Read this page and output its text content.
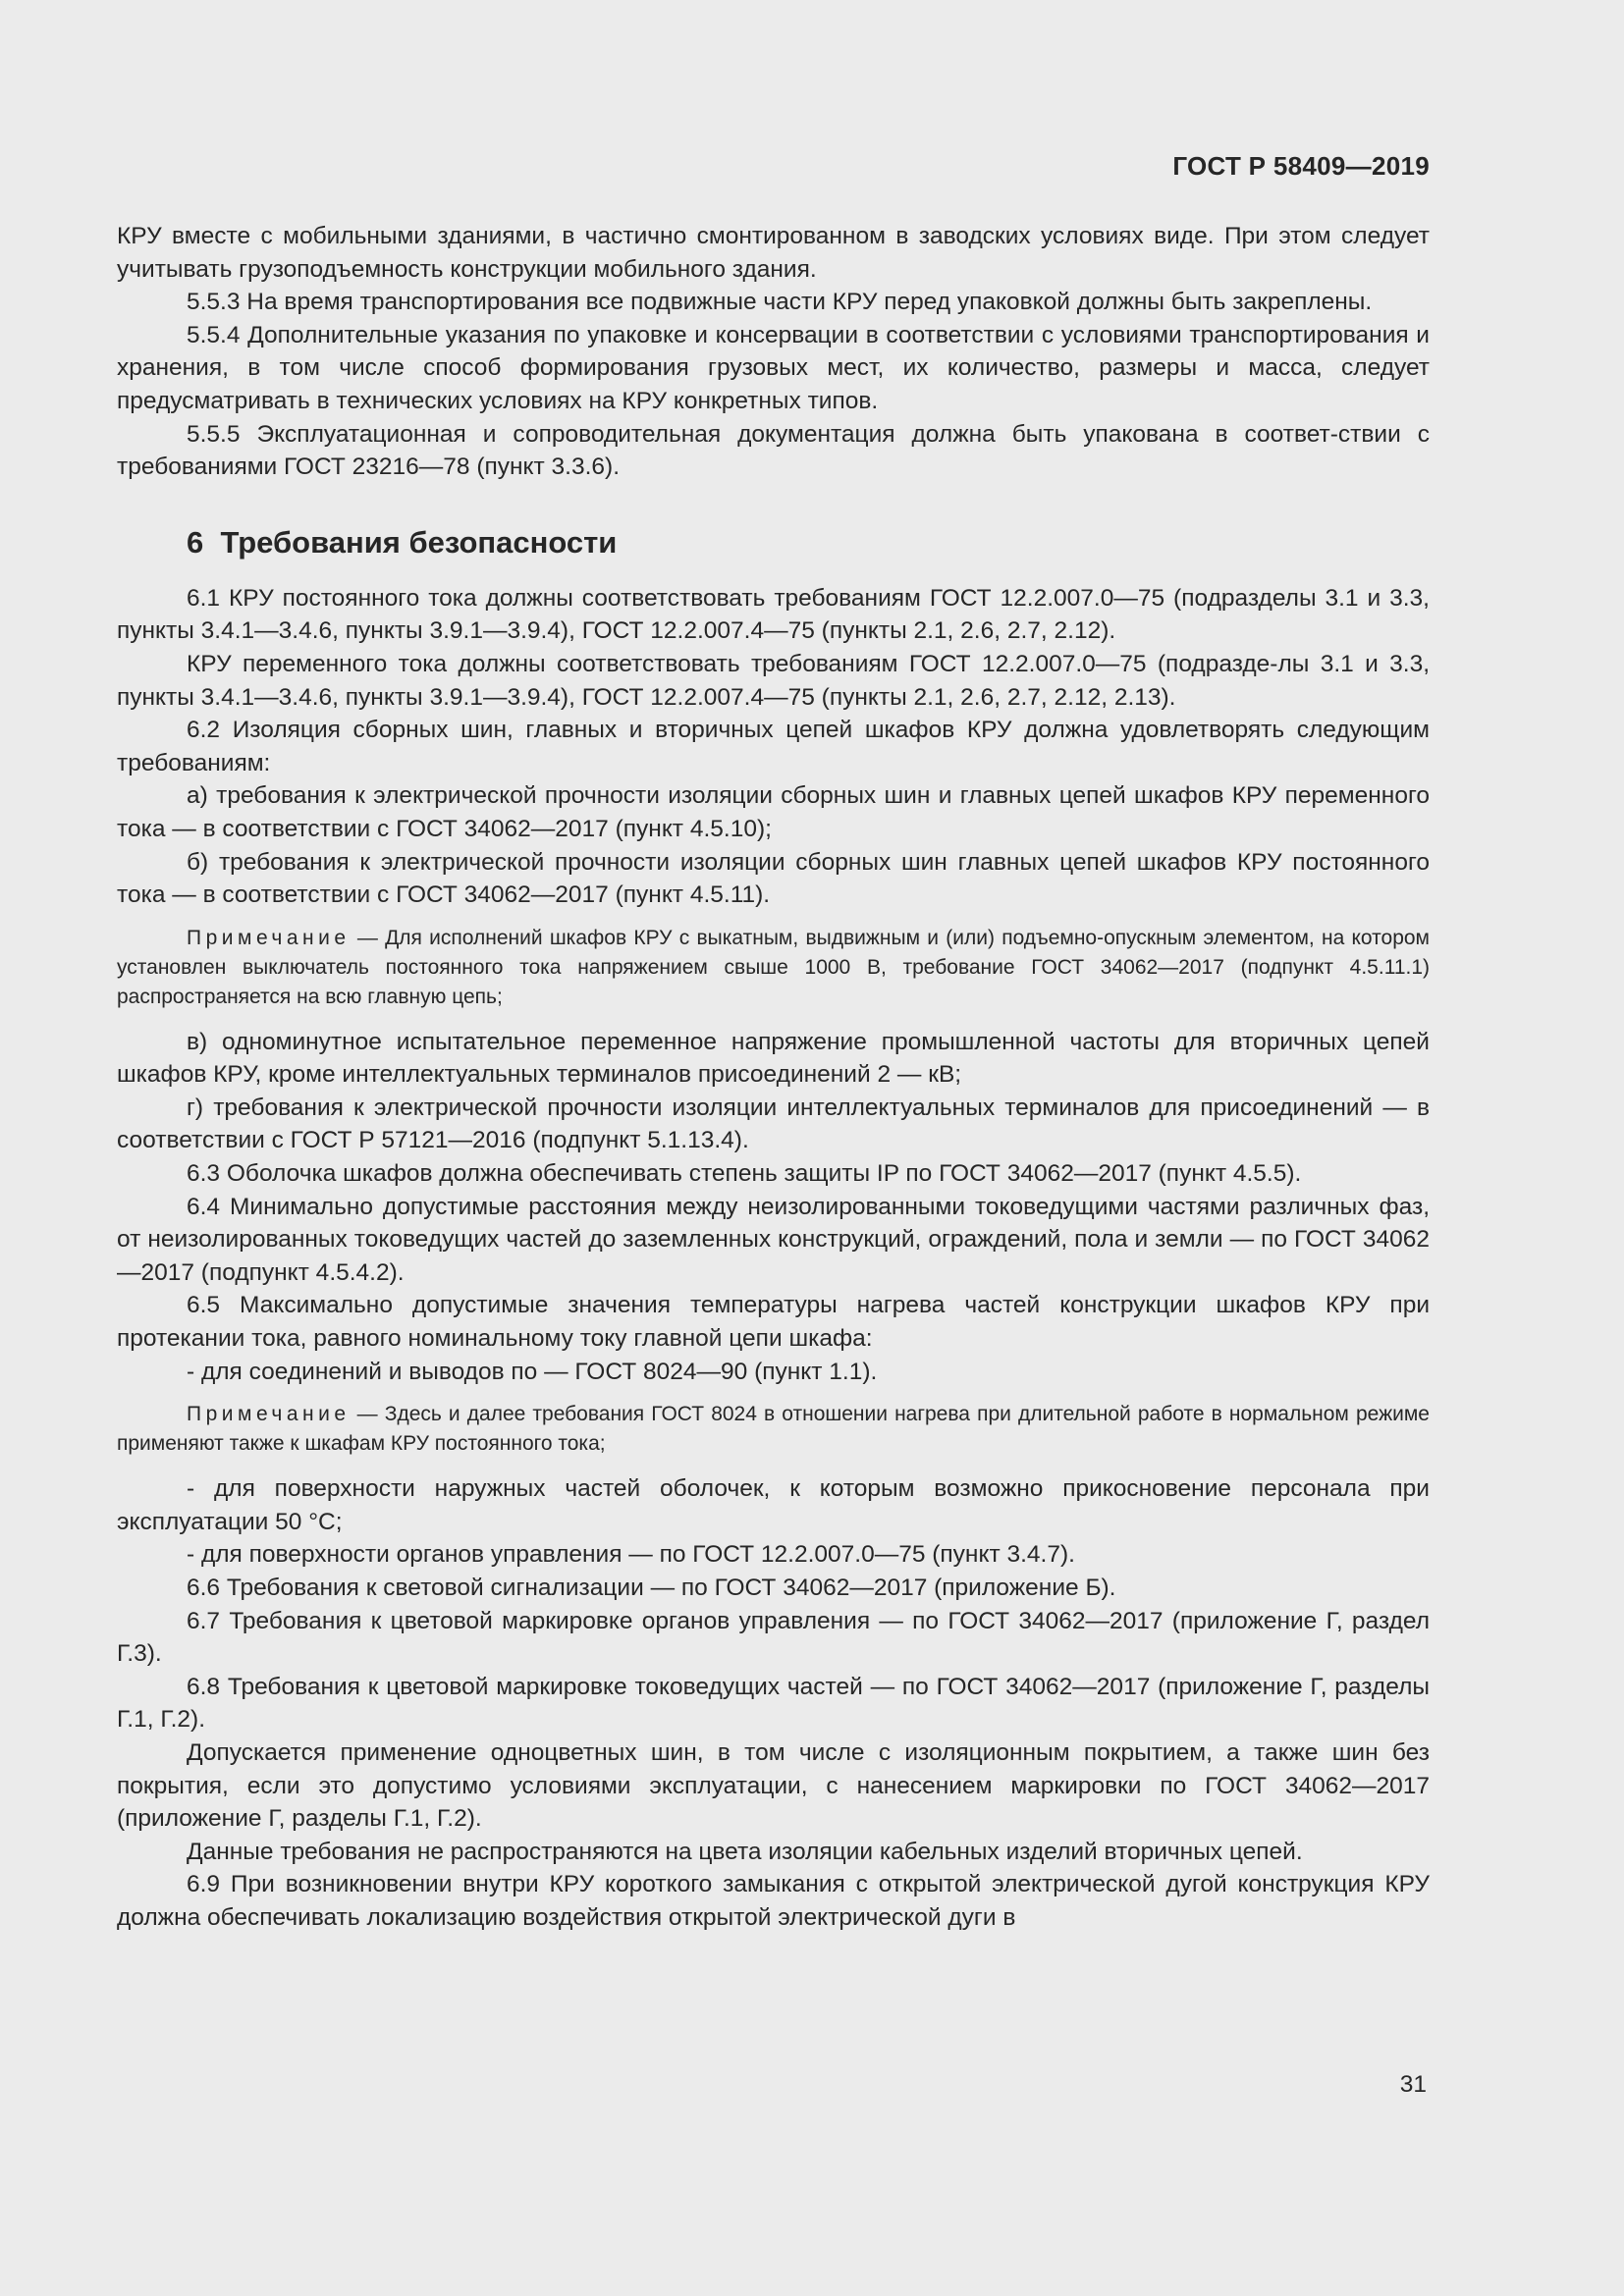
ГОСТ Р 58409—2019

КРУ вместе с мобильными зданиями, в частично смонтированном в заводских условиях виде. При этом следует учитывать грузоподъемность конструкции мобильного здания.

5.5.3 На время транспортирования все подвижные части КРУ перед упаковкой должны быть закреплены.

5.5.4 Дополнительные указания по упаковке и консервации в соответствии с условиями транспортирования и хранения, в том числе способ формирования грузовых мест, их количество, размеры и масса, следует предусматривать в технических условиях на КРУ конкретных типов.

5.5.5 Эксплуатационная и сопроводительная документация должна быть упакована в соответ-ствии с требованиями ГОСТ 23216—78 (пункт 3.3.6).

6 Требования безопасности

6.1 КРУ постоянного тока должны соответствовать требованиям ГОСТ 12.2.007.0—75 (подразделы 3.1 и 3.3, пункты 3.4.1—3.4.6, пункты 3.9.1—3.9.4), ГОСТ 12.2.007.4—75 (пункты 2.1, 2.6, 2.7, 2.12).

КРУ переменного тока должны соответствовать требованиям ГОСТ 12.2.007.0—75 (подразде-лы 3.1 и 3.3, пункты 3.4.1—3.4.6, пункты 3.9.1—3.9.4), ГОСТ 12.2.007.4—75 (пункты 2.1, 2.6, 2.7, 2.12, 2.13).

6.2 Изоляция сборных шин, главных и вторичных цепей шкафов КРУ должна удовлетворять следующим требованиям:

а) требования к электрической прочности изоляции сборных шин и главных цепей шкафов КРУ переменного тока — в соответствии с ГОСТ 34062—2017 (пункт 4.5.10);

б) требования к электрической прочности изоляции сборных шин главных цепей шкафов КРУ постоянного тока — в соответствии с ГОСТ 34062—2017 (пункт 4.5.11).

Примечание — Для исполнений шкафов КРУ с выкатным, выдвижным и (или) подъемно-опускным элементом, на котором установлен выключатель постоянного тока напряжением свыше 1000 В, требование ГОСТ 34062—2017 (подпункт 4.5.11.1) распространяется на всю главную цепь;

в) одноминутное испытательное переменное напряжение промышленной частоты для вторичных цепей шкафов КРУ, кроме интеллектуальных терминалов присоединений 2 — кВ;

г) требования к электрической прочности изоляции интеллектуальных терминалов для присоединений — в соответствии с ГОСТ Р 57121—2016 (подпункт 5.1.13.4).

6.3 Оболочка шкафов должна обеспечивать степень защиты IP по ГОСТ 34062—2017 (пункт 4.5.5).

6.4 Минимально допустимые расстояния между неизолированными токоведущими частями различных фаз, от неизолированных токоведущих частей до заземленных конструкций, ограждений, пола и земли — по ГОСТ 34062—2017 (подпункт 4.5.4.2).

6.5 Максимально допустимые значения температуры нагрева частей конструкции шкафов КРУ при протекании тока, равного номинальному току главной цепи шкафа:

- для соединений и выводов по — ГОСТ 8024—90 (пункт 1.1).

Примечание — Здесь и далее требования ГОСТ 8024 в отношении нагрева при длительной работе в нормальном режиме применяют также к шкафам КРУ постоянного тока;

- для поверхности наружных частей оболочек, к которым возможно прикосновение персонала при эксплуатации 50 °С;

- для поверхности органов управления — по ГОСТ 12.2.007.0—75 (пункт 3.4.7).

6.6 Требования к световой сигнализации — по ГОСТ 34062—2017 (приложение Б).

6.7 Требования к цветовой маркировке органов управления — по ГОСТ 34062—2017 (приложение Г, раздел Г.3).

6.8 Требования к цветовой маркировке токоведущих частей — по ГОСТ 34062—2017 (приложение Г, разделы Г.1, Г.2).

Допускается применение одноцветных шин, в том числе с изоляционным покрытием, а также шин без покрытия, если это допустимо условиями эксплуатации, с нанесением маркировки по ГОСТ 34062—2017 (приложение Г, разделы Г.1, Г.2).

Данные требования не распространяются на цвета изоляции кабельных изделий вторичных цепей.

6.9 При возникновении внутри КРУ короткого замыкания с открытой электрической дугой конструкция КРУ должна обеспечивать локализацию воздействия открытой электрической дуги в

31
